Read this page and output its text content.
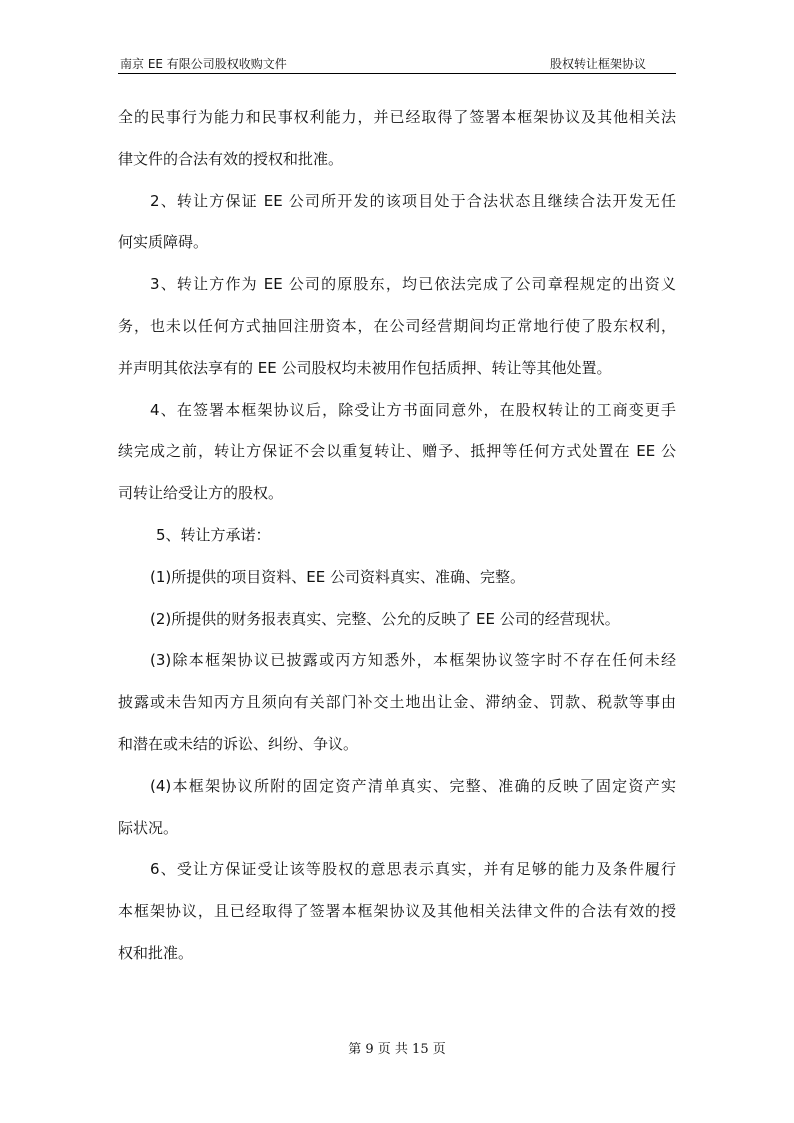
南京 EE 有限公司股权收购文件	股权转让框架协议
全的民事行为能力和民事权利能力，并已经取得了签署本框架协议及其他相关法
律文件的合法有效的授权和批准。
2、转让方保证 EE 公司所开发的该项目处于合法状态且继续合法开发无任
何实质障碍。
3、转让方作为 EE 公司的原股东，均已依法完成了公司章程规定的出资义
务，也未以任何方式抽回注册资本，在公司经营期间均正常地行使了股东权利，
并声明其依法享有的 EE 公司股权均未被用作包括质押、转让等其他处置。
4、在签署本框架协议后，除受让方书面同意外，在股权转让的工商变更手
续完成之前，转让方保证不会以重复转让、赠予、抵押等任何方式处置在 EE 公
司转让给受让方的股权。
5、转让方承诺：
(1)所提供的项目资料、EE 公司资料真实、准确、完整。
(2)所提供的财务报表真实、完整、公允的反映了 EE 公司的经营现状。
(3)除本框架协议已披露或丙方知悉外，本框架协议签字时不存在任何未经
披露或未告知丙方且须向有关部门补交土地出让金、滞纳金、罚款、税款等事由
和潜在或未结的诉讼、纠纷、争议。
(4)本框架协议所附的固定资产清单真实、完整、准确的反映了固定资产实
际状况。
6、受让方保证受让该等股权的意思表示真实，并有足够的能力及条件履行
本框架协议，且已经取得了签署本框架协议及其他相关法律文件的合法有效的授
权和批准。
第 9 页 共 15 页
